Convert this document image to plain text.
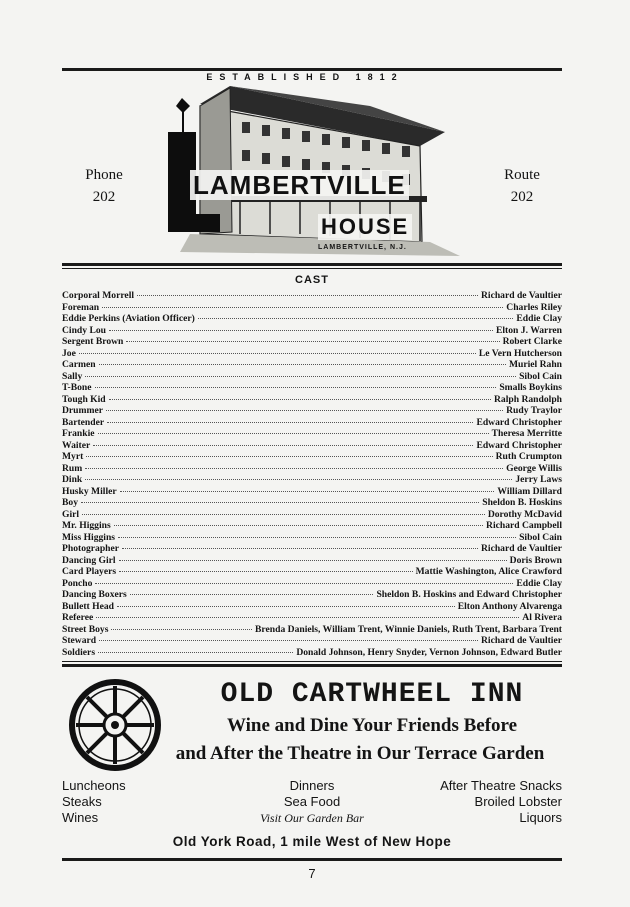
ESTABLISHED 1812
Phone
202
Route
202
LAMBERTVILLE
HOUSE
LAMBERTVILLE, N.J.
CAST
Corporal Morrell	Richard de Vaultier
Foreman	Charles Riley
Eddie Perkins (Aviation Officer)	Eddie Clay
Cindy Lou	Elton J. Warren
Sergent Brown	Robert Clarke
Joe	Le Vern Hutcherson
Carmen	Muriel Rahn
Sally	Sibol Cain
T-Bone	Smalls Boykins
Tough Kid	Ralph Randolph
Drummer	Rudy Traylor
Bartender	Edward Christopher
Frankie	Theresa Merritte
Waiter	Edward Christopher
Myrt	Ruth Crumpton
Rum	George Willis
Dink	Jerry Laws
Husky Miller	William Dillard
Boy	Sheldon B. Hoskins
Girl	Dorothy McDavid
Mr. Higgins	Richard Campbell
Miss Higgins	Sibol Cain
Photographer	Richard de Vaultier
Dancing Girl	Doris Brown
Card Players	Mattie Washington, Alice Crawford
Poncho	Eddie Clay
Dancing Boxers	Sheldon B. Hoskins and Edward Christopher
Bullett Head	Elton Anthony Alvarenga
Referee	Al Rivera
Street Boys	Brenda Daniels, William Trent, Winnie Daniels, Ruth Trent, Barbara Trent
Steward	Richard de Vaultier
Soldiers	Donald Johnson, Henry Snyder, Vernon Johnson, Edward Butler
OLD CARTWHEEL INN
Wine and Dine Your Friends Before
and After the Theatre in Our Terrace Garden
Luncheons
Steaks
Wines
Dinners
Sea Food
Visit Our Garden Bar
After Theatre Snacks
Broiled Lobster
Liquors
Old York Road, 1 mile West of New Hope
7
